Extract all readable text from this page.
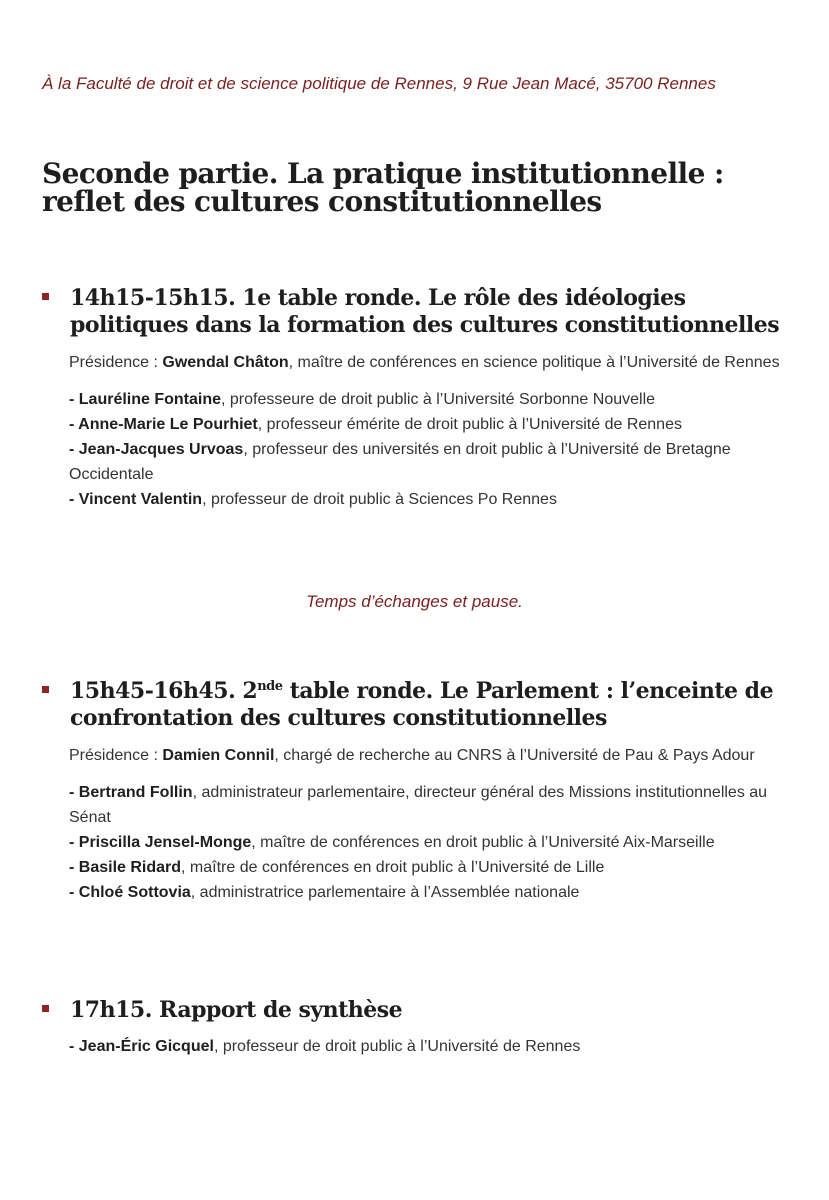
À la Faculté de droit et de science politique de Rennes, 9 Rue Jean Macé, 35700 Rennes
Seconde partie. La pratique institutionnelle : reflet des cultures constitutionnelles
14h15-15h15. 1e table ronde. Le rôle des idéologies politiques dans la formation des cultures constitutionnelles
Présidence : Gwendal Châton, maître de conférences en science politique à l’Université de Rennes
- Lauréline Fontaine, professeure de droit public à l’Université Sorbonne Nouvelle
- Anne-Marie Le Pourhiet, professeur émérite de droit public à l’Université de Rennes
- Jean-Jacques Urvoas, professeur des universités en droit public à l’Université de Bretagne Occidentale
- Vincent Valentin, professeur de droit public à Sciences Po Rennes
Temps d’échanges et pause.
15h45-16h45. 2nde table ronde. Le Parlement : l’enceinte de confrontation des cultures constitutionnelles
Présidence : Damien Connil, chargé de recherche au CNRS à l’Université de Pau & Pays Adour
- Bertrand Follin, administrateur parlementaire, directeur général des Missions institutionnelles au Sénat
- Priscilla Jensel-Monge, maître de conférences en droit public à l’Université Aix-Marseille
- Basile Ridard, maître de conférences en droit public à l’Université de Lille
- Chloé Sottovia, administratrice parlementaire à l’Assemblée nationale
17h15. Rapport de synthèse
- Jean-Éric Gicquel, professeur de droit public à l’Université de Rennes
